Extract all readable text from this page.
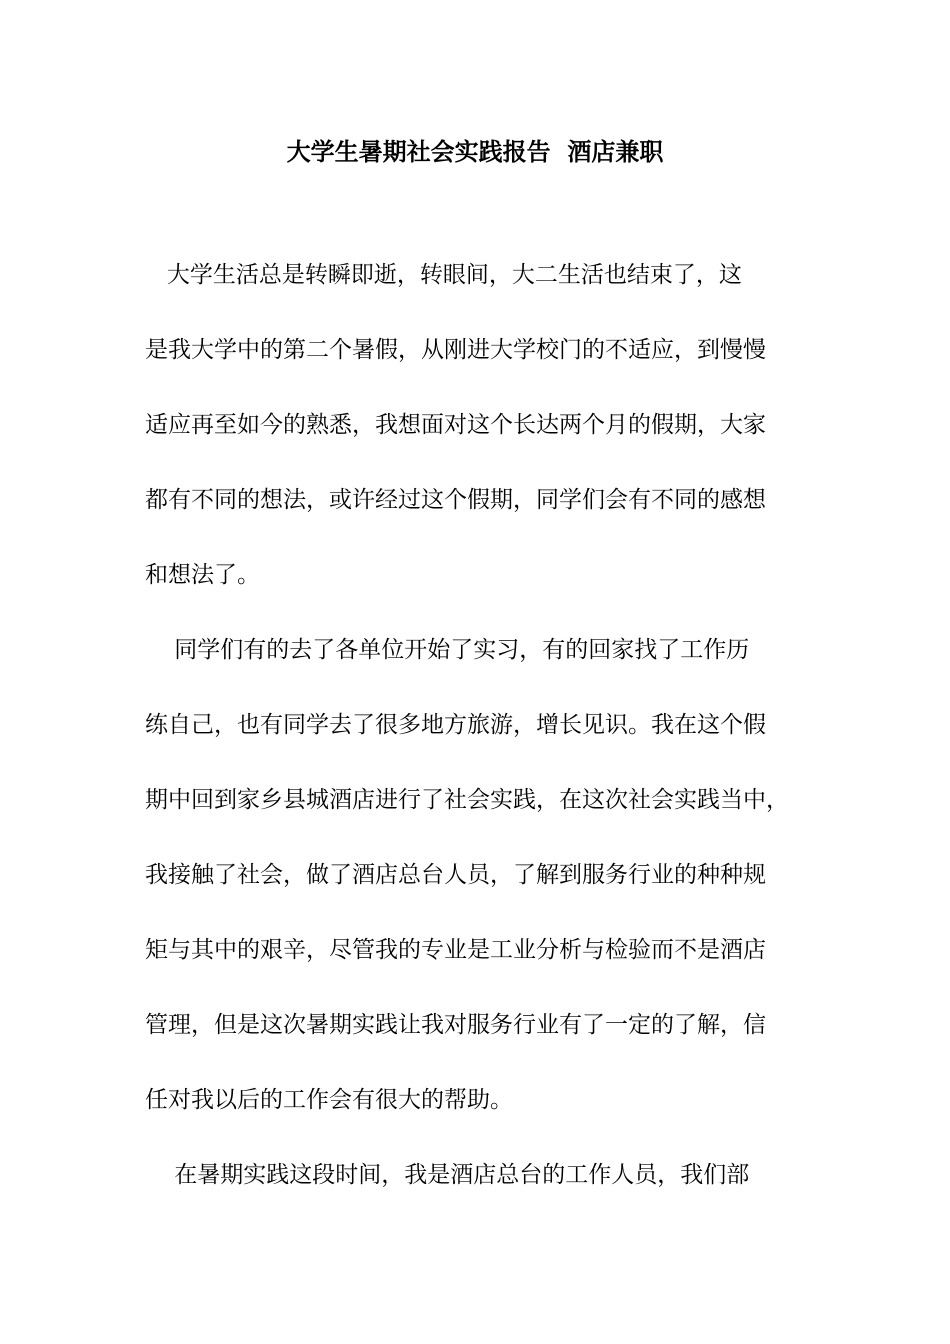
大学生暑期社会实践报告  酒店兼职
大学生活总是转瞬即逝，转眼间，大二生活也结束了，这
是我大学中的第二个暑假，从刚进大学校门的不适应，到慢慢
适应再至如今的熟悉，我想面对这个长达两个月的假期，大家
都有不同的想法，或许经过这个假期，同学们会有不同的感想
和想法了。
同学们有的去了各单位开始了实习，有的回家找了工作历
练自己，也有同学去了很多地方旅游，增长见识。我在这个假
期中回到家乡县城酒店进行了社会实践，在这次社会实践当中，
我接触了社会，做了酒店总台人员，了解到服务行业的种种规
矩与其中的艰辛，尽管我的专业是工业分析与检验而不是酒店
管理，但是这次暑期实践让我对服务行业有了一定的了解，信
任对我以后的工作会有很大的帮助。
在暑期实践这段时间，我是酒店总台的工作人员，我们部
